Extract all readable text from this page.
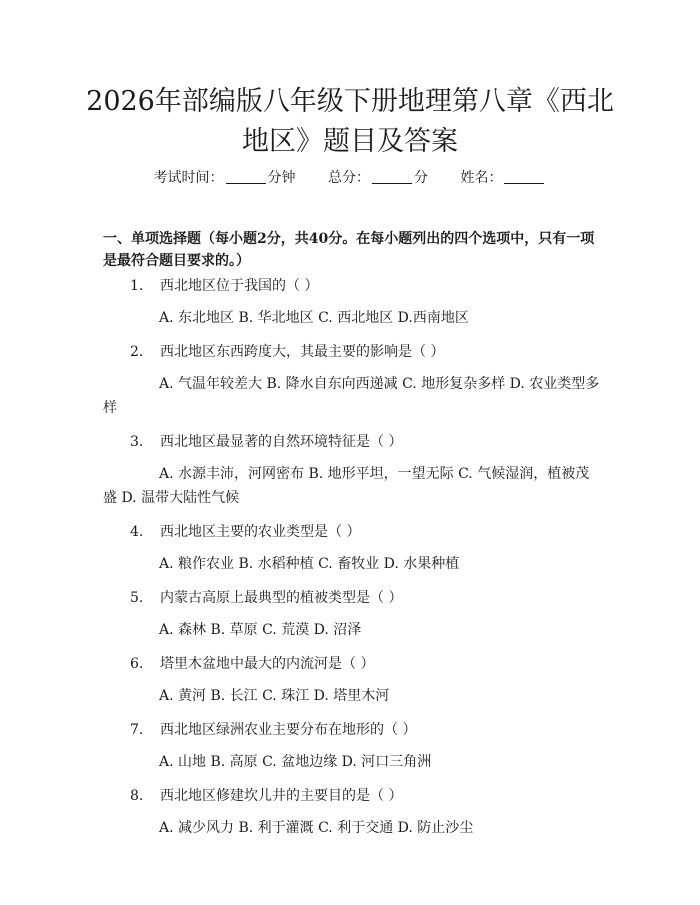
2026年部编版八年级下册地理第八章《西北地区》题目及答案
考试时间：	分钟 总分：	分 姓名：

一、单项选择题（每小题2分，共40分。在每小题列出的四个选项中，只有一项是最符合题目要求的。）

1. 西北地区位于我国的（ ）
A. 东北地区 B. 华北地区 C. 西北地区 D.西南地区
2. 西北地区东西跨度大，其最主要的影响是（ ）
A. 气温年较差大 B. 降水自东向西递减 C. 地形复杂多样 D. 农业类型多样
3. 西北地区最显著的自然环境特征是（ ）
A. 水源丰沛，河网密布 B. 地形平坦，一望无际 C. 气候湿润，植被茂盛 D. 温带大陆性气候
4. 西北地区主要的农业类型是（ ）
A. 粮作农业 B. 水稻种植 C. 畜牧业 D. 水果种植
5. 内蒙古高原上最典型的植被类型是（ ）
A. 森林 B. 草原 C. 荒漠 D. 沼泽
6. 塔里木盆地中最大的内流河是（ ）
A. 黄河 B. 长江 C. 珠江 D. 塔里木河
7. 西北地区绿洲农业主要分布在地形的（ ）
A. 山地 B. 高原 C. 盆地边缘 D. 河口三角洲
8. 西北地区修建坎儿井的主要目的是（ ）
A. 减少风力 B. 利于灌溉 C. 利于交通 D. 防止沙尘
